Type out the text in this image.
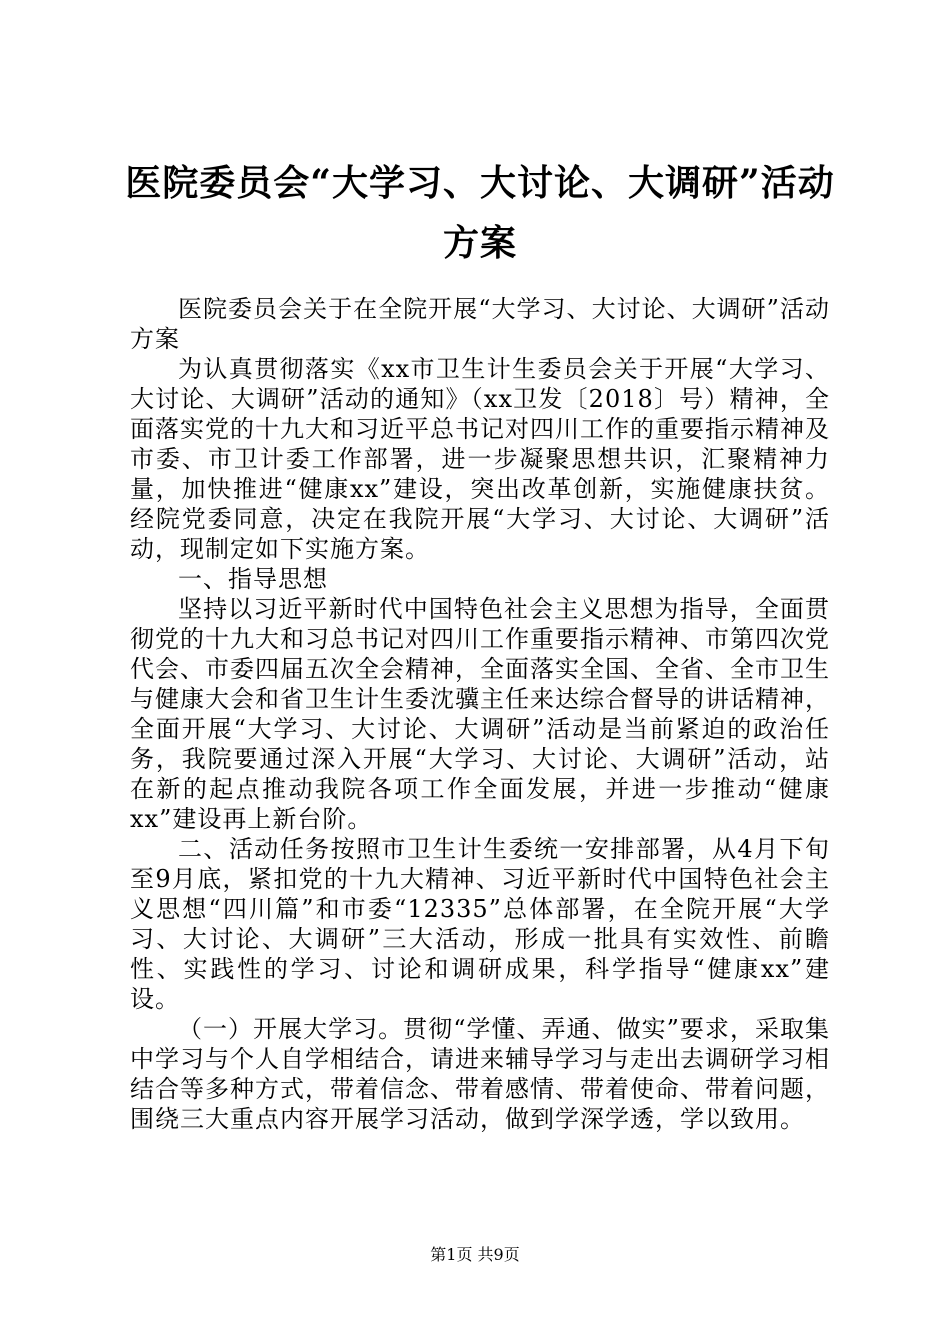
医院委员会“大学习、大讨论、大调研”活动
方案

医院委员会关于在全院开展“大学习、大讨论、大调研”活动方案

为认真贯彻落实《xx市卫生计生委员会关于开展“大学习、大讨论、大调研”活动的通知》（xx卫发〔2018〕号）精神，全面落实党的十九大和习近平总书记对四川工作的重要指示精神及市委、市卫计委工作部署，进一步凝聚思想共识，汇聚精神力量，加快推进“健康xx”建设，突出改革创新，实施健康扶贫。经院党委同意，决定在我院开展“大学习、大讨论、大调研”活动，现制定如下实施方案。

一、指导思想

坚持以习近平新时代中国特色社会主义思想为指导，全面贯彻党的十九大和习总书记对四川工作重要指示精神、市第四次党代会、市委四届五次全会精神，全面落实全国、全省、全市卫生与健康大会和省卫生计生委沈骥主任来达综合督导的讲话精神，全面开展“大学习、大讨论、大调研”活动是当前紧迫的政治任务，我院要通过深入开展“大学习、大讨论、大调研”活动，站在新的起点推动我院各项工作全面发展，并进一步推动“健康xx”建设再上新台阶。

二、活动任务按照市卫生计生委统一安排部署，从4月下旬至9月底，紧扣党的十九大精神、习近平新时代中国特色社会主义思想“四川篇”和市委“12335”总体部署，在全院开展“大学习、大讨论、大调研”三大活动，形成一批具有实效性、前瞻性、实践性的学习、讨论和调研成果，科学指导“健康xx”建设。

（一）开展大学习。贯彻“学懂、弄通、做实”要求，采取集中学习与个人自学相结合，请进来辅导学习与走出去调研学习相结合等多种方式，带着信念、带着感情、带着使命、带着问题，围绕三大重点内容开展学习活动，做到学深学透，学以致用。

第1页 共9页
